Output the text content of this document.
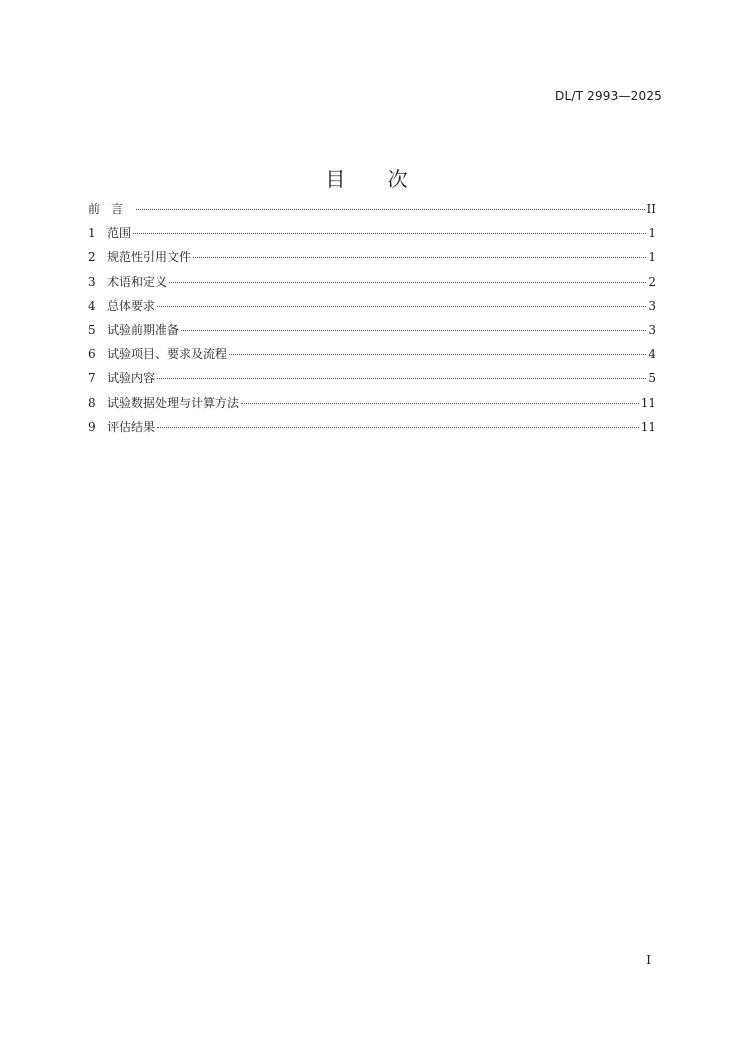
DL/T 2993—2025
目 次
前言	II
1 范围	1
2 规范性引用文件	1
3 术语和定义	2
4 总体要求	3
5 试验前期准备	3
6 试验项目、要求及流程	4
7 试验内容	5
8 试验数据处理与计算方法	11
9 评估结果	11
I
